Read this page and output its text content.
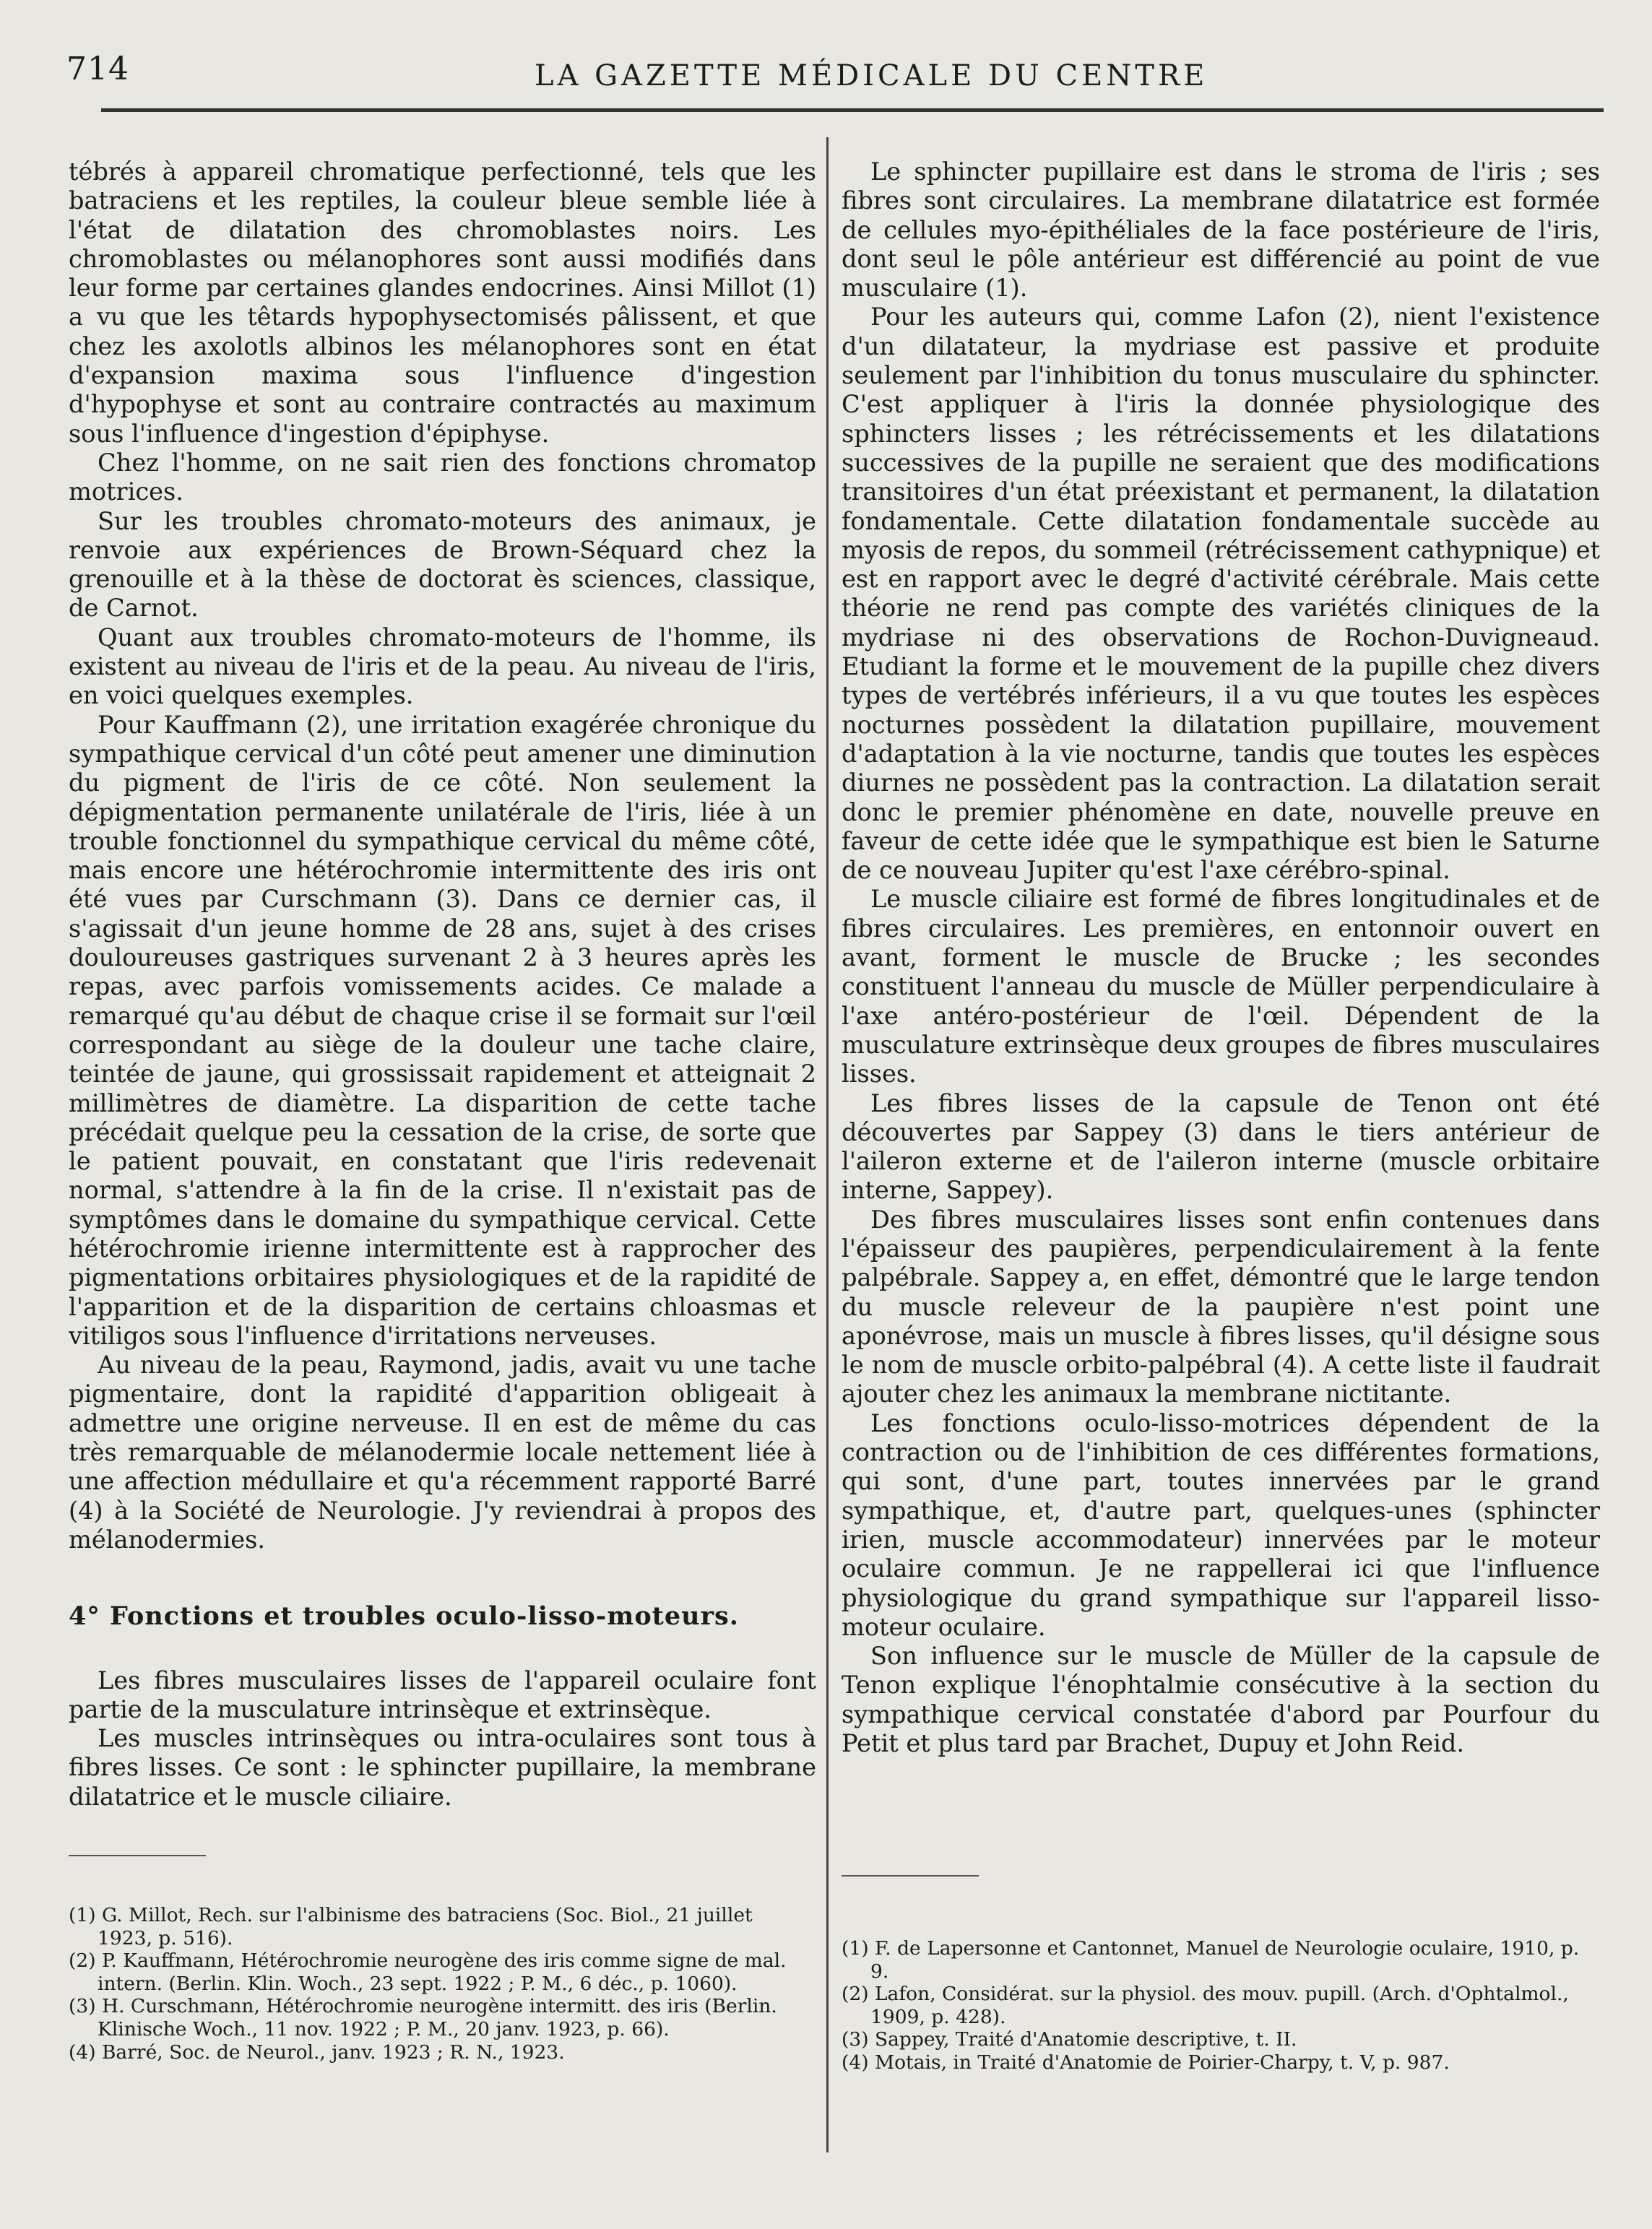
714	LA GAZETTE MÉDICALE DU CENTRE

tébrés à appareil chromatique perfectionné, tels que les batraciens et les reptiles, la couleur bleue semble liée à l'état de dilatation des chromoblastes noirs. Les chromoblastes ou mélanophores sont aussi modifiés dans leur forme par certaines glandes endocrines. Ainsi Millot (1) a vu que les têtards hypophysectomisés pâlissent, et que chez les axolotls albinos les mélanophores sont en état d'expansion maxima sous l'influence d'ingestion d'hypophyse et sont au contraire contractés au maximum sous l'influence d'ingestion d'épiphyse.

Chez l'homme, on ne sait rien des fonctions chromatop motrices.

Sur les troubles chromato-moteurs des animaux, je renvoie aux expériences de Brown-Séquard chez la grenouille et à la thèse de doctorat ès sciences, classique, de Carnot.

Quant aux troubles chromato-moteurs de l'homme, ils existent au niveau de l'iris et de la peau. Au niveau de l'iris, en voici quelques exemples.

Pour Kauffmann (2), une irritation exagérée chronique du sympathique cervical d'un côté peut amener une diminution du pigment de l'iris de ce côté. Non seulement la dépigmentation permanente unilatérale de l'iris, liée à un trouble fonctionnel du sympathique cervical du même côté, mais encore une hétérochromie intermittente des iris ont été vues par Curschmann (3). Dans ce dernier cas, il s'agissait d'un jeune homme de 28 ans, sujet à des crises douloureuses gastriques survenant 2 à 3 heures après les repas, avec parfois vomissements acides. Ce malade a remarqué qu'au début de chaque crise il se formait sur l'œil correspondant au siège de la douleur une tache claire, teintée de jaune, qui grossissait rapidement et atteignait 2 millimètres de diamètre. La disparition de cette tache précédait quelque peu la cessation de la crise, de sorte que le patient pouvait, en constatant que l'iris redevenait normal, s'attendre à la fin de la crise. Il n'existait pas de symptômes dans le domaine du sympathique cervical. Cette hétérochromie irienne intermittente est à rapprocher des pigmentations orbitaires physiologiques et de la rapidité de l'apparition et de la disparition de certains chloasmas et vitiligos sous l'influence d'irritations nerveuses.

Au niveau de la peau, Raymond, jadis, avait vu une tache pigmentaire, dont la rapidité d'apparition obligeait à admettre une origine nerveuse. Il en est de même du cas très remarquable de mélanodermie locale nettement liée à une affection médullaire et qu'a récemment rapporté Barré (4) à la Société de Neurologie. J'y reviendrai à propos des mélanodermies.

4° Fonctions et troubles oculo-lisso-moteurs.

Les fibres musculaires lisses de l'appareil oculaire font partie de la musculature intrinsèque et extrinsèque.

Les muscles intrinsèques ou intra-oculaires sont tous à fibres lisses. Ce sont : le sphincter pupillaire, la membrane dilatatrice et le muscle ciliaire.

Le sphincter pupillaire est dans le stroma de l'iris ; ses fibres sont circulaires. La membrane dilatatrice est formée de cellules myo-épithéliales de la face postérieure de l'iris, dont seul le pôle antérieur est différencié au point de vue musculaire (1).

Pour les auteurs qui, comme Lafon (2), nient l'existence d'un dilatateur, la mydriase est passive et produite seulement par l'inhibition du tonus musculaire du sphincter. C'est appliquer à l'iris la donnée physiologique des sphincters lisses ; les rétrécissements et les dilatations successives de la pupille ne seraient que des modifications transitoires d'un état préexistant et permanent, la dilatation fondamentale. Cette dilatation fondamentale succède au myosis de repos, du sommeil (rétrécissement cathypnique) et est en rapport avec le degré d'activité cérébrale. Mais cette théorie ne rend pas compte des variétés cliniques de la mydriase ni des observations de Rochon-Duvigneaud. Etudiant la forme et le mouvement de la pupille chez divers types de vertébrés inférieurs, il a vu que toutes les espèces nocturnes possèdent la dilatation pupillaire, mouvement d'adaptation à la vie nocturne, tandis que toutes les espèces diurnes ne possèdent pas la contraction. La dilatation serait donc le premier phénomène en date, nouvelle preuve en faveur de cette idée que le sympathique est bien le Saturne de ce nouveau Jupiter qu'est l'axe cérébro-spinal.

Le muscle ciliaire est formé de fibres longitudinales et de fibres circulaires. Les premières, en entonnoir ouvert en avant, forment le muscle de Brucke ; les secondes constituent l'anneau du muscle de Müller perpendiculaire à l'axe antéro-postérieur de l'œil. Dépendent de la musculature extrinsèque deux groupes de fibres musculaires lisses.

Les fibres lisses de la capsule de Tenon ont été découvertes par Sappey (3) dans le tiers antérieur de l'aileron externe et de l'aileron interne (muscle orbitaire interne, Sappey).

Des fibres musculaires lisses sont enfin contenues dans l'épaisseur des paupières, perpendiculairement à la fente palpébrale. Sappey a, en effet, démontré que le large tendon du muscle releveur de la paupière n'est point une aponévrose, mais un muscle à fibres lisses, qu'il désigne sous le nom de muscle orbito-palpébral (4). A cette liste il faudrait ajouter chez les animaux la membrane nictitante.

Les fonctions oculo-lisso-motrices dépendent de la contraction ou de l'inhibition de ces différentes formations, qui sont, d'une part, toutes innervées par le grand sympathique, et, d'autre part, quelques-unes (sphincter irien, muscle accommodateur) innervées par le moteur oculaire commun. Je ne rappellerai ici que l'influence physiologique du grand sympathique sur l'appareil lisso-moteur oculaire.

Son influence sur le muscle de Müller de la capsule de Tenon explique l'énophtalmie consécutive à la section du sympathique cervical constatée d'abord par Pourfour du Petit et plus tard par Brachet, Dupuy et John Reid.

(1) G. Millot, Rech. sur l'albinisme des batraciens (Soc. Biol., 21 juillet 1923, p. 516).

(2) P. Kauffmann, Hétérochromie neurogène des iris comme signe de mal. intern. (Berlin. Klin. Woch., 23 sept. 1922 ; P. M., 6 déc., p. 1060).

(3) H. Curschmann, Hétérochromie neurogène intermitt. des iris (Berlin. Klinische Woch., 11 nov. 1922 ; P. M., 20 janv. 1923, p. 66).

(4) Barré, Soc. de Neurol., janv. 1923 ; R. N., 1923.

(1) F. de Lapersonne et Cantonnet, Manuel de Neurologie oculaire, 1910, p. 9.

(2) Lafon, Considérat. sur la physiol. des mouv. pupill. (Arch. d'Ophtalmol., 1909, p. 428).

(3) Sappey, Traité d'Anatomie descriptive, t. II.

(4) Motais, in Traité d'Anatomie de Poirier-Charpy, t. V, p. 987.
